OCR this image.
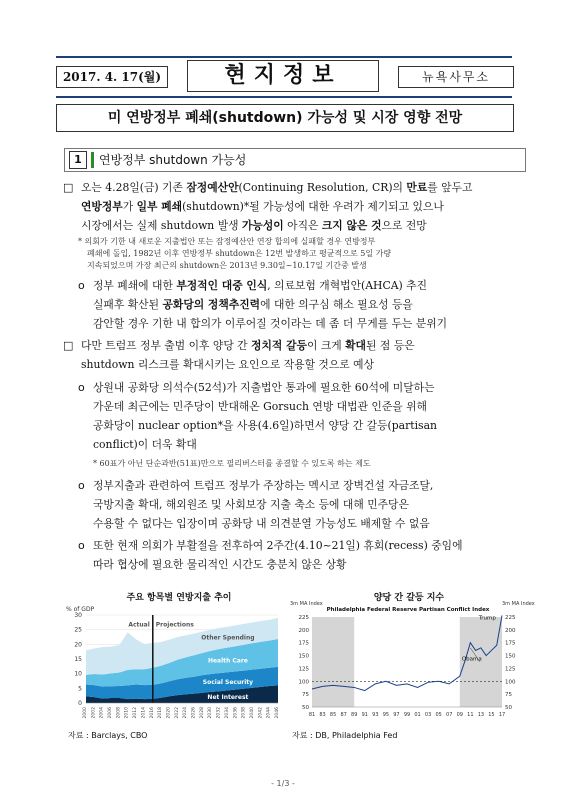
2017. 4. 17(월)	현지정보	뉴욕사무소
미 연방정부 폐쇄(shutdown) 가능성 및 시장 영향 전망
1	연방정부 shutdown 가능성
□ 오는 4.28일(금) 기존 잠정예산안(Continuing Resolution, CR)의 만료를 앞두고
연방정부가 일부 폐쇄(shutdown)*될 가능성에 대한 우려가 제기되고 있으나
시장에서는 실제 shutdown 발생 가능성이 아직은 크지 않은 것으로 전망
* 의회가 기한 내 새로운 지출법안 또는 잠정예산안 연장 합의에 실패할 경우 연방정부
폐쇄에 돌입, 1982년 이후 연방정부 shutdown은 12번 발생하고 평균적으로 5일 가량
지속되었으며 가장 최근의 shutdown은 2013년 9.30일~10.17일 기간중 발생
o 정부 폐쇄에 대한 부정적인 대중 인식, 의료보험 개혁법안(AHCA) 추진
실패후 확산된 공화당의 정책추진력에 대한 의구심 해소 필요성 등을
감안할 경우 기한 내 합의가 이루어질 것이라는 데 좀 더 무게를 두는 분위기
□ 다만 트럼프 정부 출범 이후 양당 간 정치적 갈등이 크게 확대된 점 등은
shutdown 리스크를 확대시키는 요인으로 작용할 것으로 예상
o 상원내 공화당 의석수(52석)가 지출법안 통과에 필요한 60석에 미달하는
가운데 최근에는 민주당이 반대해온 Gorsuch 연방 대법관 인준을 위해
공화당이 nuclear option*을 사용(4.6일)하면서 양당 간 갈등(partisan
conflict)이 더욱 확대
* 60표가 아닌 단순과반(51표)만으로 필리버스터를 종결할 수 있도록 하는 제도
o 정부지출과 관련하여 트럼프 정부가 주장하는 멕시코 장벽건설 자금조달,
국방지출 확대, 해외원조 및 사회보장 지출 축소 등에 대해 민주당은
수용할 수 없다는 입장이며 공화당 내 의견분열 가능성도 배제할 수 없음
o 또한 현재 의회가 부활절을 전후하여 2주간(4.10~21일) 휴회(recess) 중임에
따라 협상에 필요한 물리적인 시간도 충분치 않은 상황
주요 항목별 연방지출 추이	양당 간 갈등 지수
% of GDP
0
5
10
15
20
25
30
Net Interest
Social Security
Health Care
Other Spending
Actual Projections
2000 2002 2004 2006 2008 2010 2012 2014 2016 2018 2020 2022 2024 2026 2028 2030 2032 2034 2036 2038 2040 2042 2044 2046
3m MA Index	3m MA Index
Philadelphia Federal Reserve Partisan Conflict Index
50	50
75	75
100	100
125	125
150	150
175	175
200	200
225	225
Obama
Trump
81 83 85 87 89 91 93 95 97 99 01 03 05 07 09 11 13 15 17
자료 : Barclays, CBO	자료 : DB, Philadelphia Fed
- 1/3 -
